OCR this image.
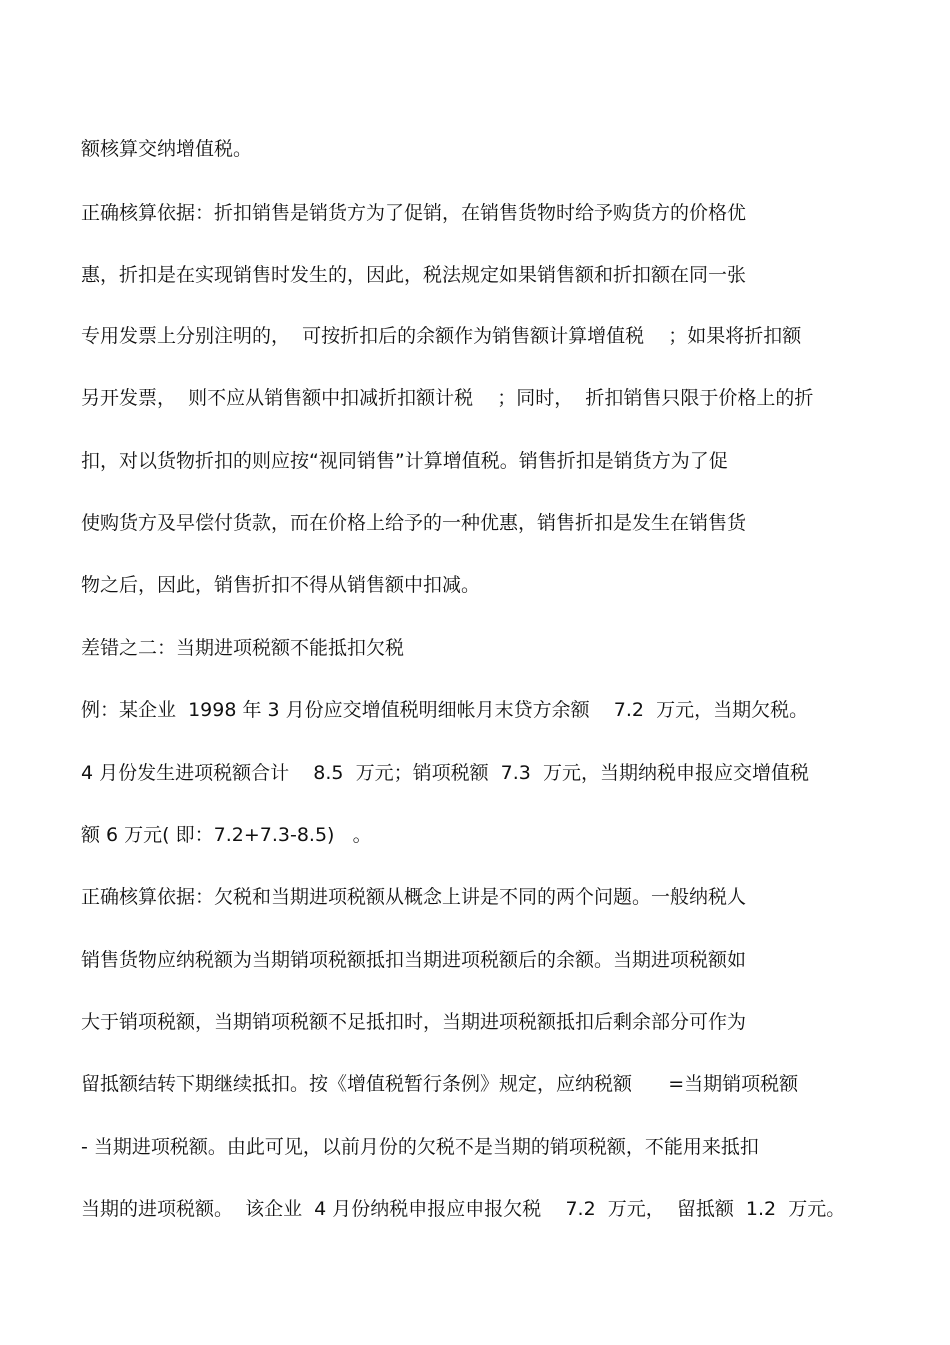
额核算交纳增值税。
正确核算依据：折扣销售是销货方为了促销，在销售货物时给予购货方的价格优
惠，折扣是在实现销售时发生的，因此，税法规定如果销售额和折扣额在同一张
专用发票上分别注明的，  可按折扣后的余额作为销售额计算增值税    ；如果将折扣额
另开发票，  则不应从销售额中扣减折扣额计税    ；同时，  折扣销售只限于价格上的折
扣，对以货物折扣的则应按“视同销售”计算增值税。销售折扣是销货方为了促
使购货方及早偿付货款，而在价格上给予的一种优惠，销售折扣是发生在销售货
物之后，因此，销售折扣不得从销售额中扣减。
差错之二：当期进项税额不能抵扣欠税
例：某企业  1998 年 3 月份应交增值税明细帐月末贷方余额    7.2  万元，当期欠税。
4 月份发生进项税额合计    8.5  万元；销项税额  7.3  万元，当期纳税申报应交增值税
额 6 万元( 即：7.2+7.3-8.5)   。
正确核算依据：欠税和当期进项税额从概念上讲是不同的两个问题。一般纳税人
销售货物应纳税额为当期销项税额抵扣当期进项税额后的余额。当期进项税额如
大于销项税额，当期销项税额不足抵扣时，当期进项税额抵扣后剩余部分可作为
留抵额结转下期继续抵扣。按《增值税暂行条例》规定，应纳税额      =当期销项税额
- 当期进项税额。由此可见，以前月份的欠税不是当期的销项税额，不能用来抵扣
当期的进项税额。  该企业  4 月份纳税申报应申报欠税    7.2  万元，  留抵额  1.2  万元。
